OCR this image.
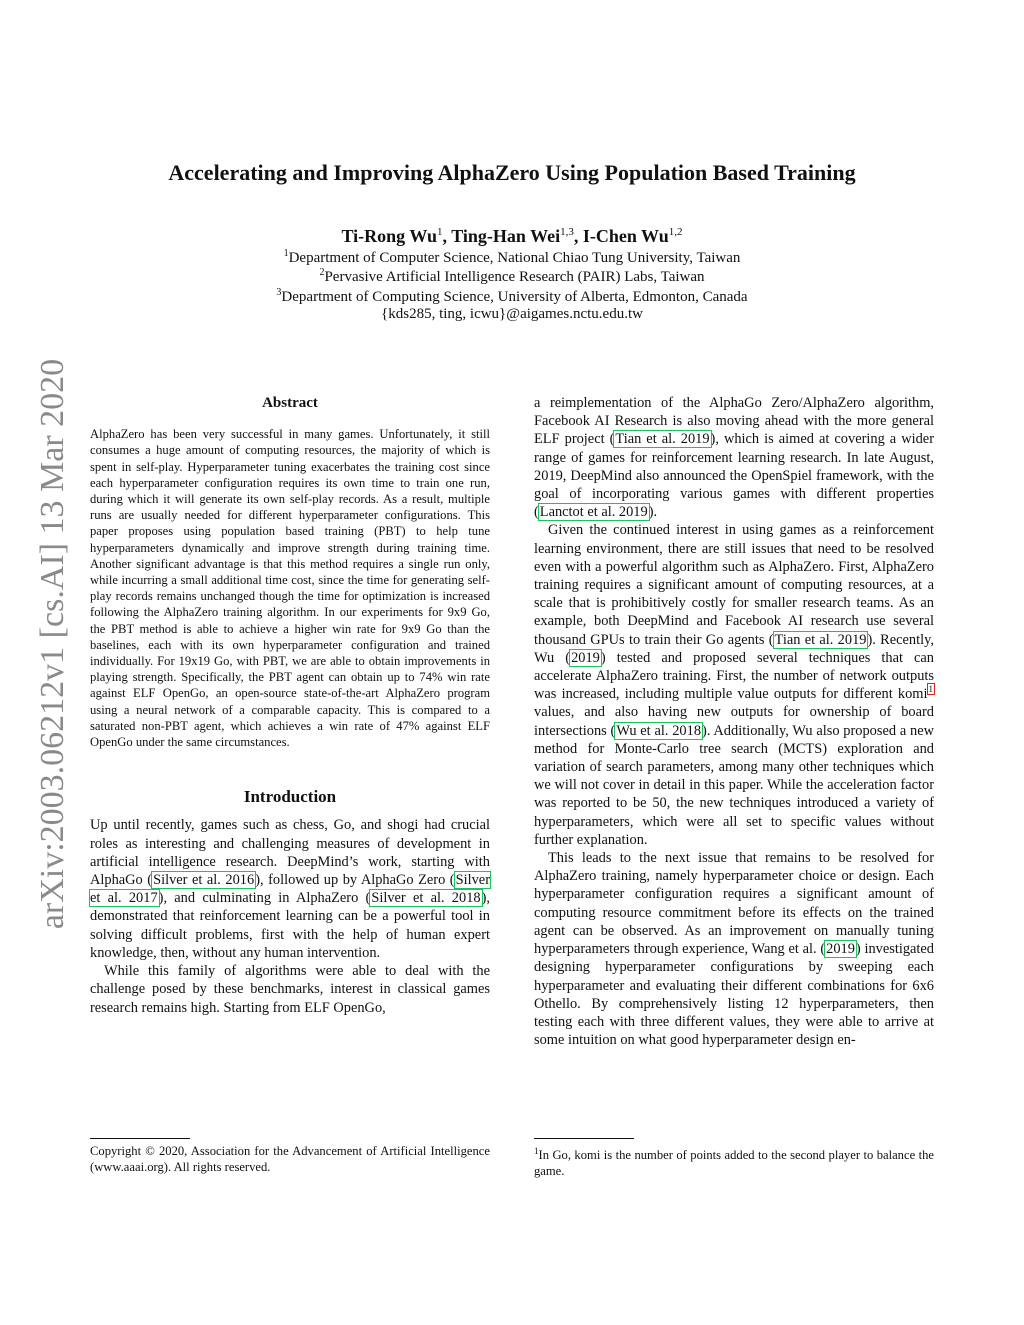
arXiv:2003.06212v1 [cs.AI] 13 Mar 2020
Accelerating and Improving AlphaZero Using Population Based Training
Ti-Rong Wu$^1$, Ting-Han Wei$^{1,3}$, I-Chen Wu$^{1,2}$
$^1$Department of Computer Science, National Chiao Tung University, Taiwan
$^2$Pervasive Artificial Intelligence Research (PAIR) Labs, Taiwan
$^3$Department of Computing Science, University of Alberta, Edmonton, Canada
{kds285, ting, icwu}@aigames.nctu.edu.tw
Abstract

AlphaZero has been very successful in many games. Unfortunately, it still consumes a huge amount of computing resources, the majority of which is spent in self-play. Hyperparameter tuning exacerbates the training cost since each hyperparameter configuration requires its own time to train one run, during which it will generate its own self-play records. As a result, multiple runs are usually needed for different hyperparameter configurations. This paper proposes using population based training (PBT) to help tune hyperparameters dynamically and improve strength during training time. Another significant advantage is that this method requires a single run only, while incurring a small additional time cost, since the time for generating self-play records remains unchanged though the time for optimization is increased following the AlphaZero training algorithm. In our experiments for 9x9 Go, the PBT method is able to achieve a higher win rate for 9x9 Go than the baselines, each with its own hyperparameter configuration and trained individually. For 19x19 Go, with PBT, we are able to obtain improvements in playing strength. Specifically, the PBT agent can obtain up to 74% win rate against ELF OpenGo, an open-source state-of-the-art AlphaZero program using a neural network of a comparable capacity. This is compared to a saturated non-PBT agent, which achieves a win rate of 47% against ELF OpenGo under the same circumstances.

Introduction

Up until recently, games such as chess, Go, and shogi had crucial roles as interesting and challenging measures of development in artificial intelligence research. DeepMind’s work, starting with AlphaGo (Silver et al. 2016), followed up by AlphaGo Zero (Silver et al. 2017), and culminating in AlphaZero (Silver et al. 2018), demonstrated that reinforcement learning can be a powerful tool in solving difficult problems, first with the help of human expert knowledge, then, without any human intervention.

While this family of algorithms were able to deal with the challenge posed by these benchmarks, interest in classical games research remains high. Starting from ELF OpenGo,

Copyright © 2020, Association for the Advancement of Artificial Intelligence (www.aaai.org). All rights reserved.

a reimplementation of the AlphaGo Zero/AlphaZero algorithm, Facebook AI Research is also moving ahead with the more general ELF project (Tian et al. 2019), which is aimed at covering a wider range of games for reinforcement learning research. In late August, 2019, DeepMind also announced the OpenSpiel framework, with the goal of incorporating various games with different properties (Lanctot et al. 2019).

Given the continued interest in using games as a reinforcement learning environment, there are still issues that need to be resolved even with a powerful algorithm such as AlphaZero. First, AlphaZero training requires a significant amount of computing resources, at a scale that is prohibitively costly for smaller research teams. As an example, both DeepMind and Facebook AI research use several thousand GPUs to train their Go agents (Tian et al. 2019). Recently, Wu (2019) tested and proposed several techniques that can accelerate AlphaZero training. First, the number of network outputs was increased, including multiple value outputs for different komi$^1$ values, and also having new outputs for ownership of board intersections (Wu et al. 2018). Additionally, Wu also proposed a new method for Monte-Carlo tree search (MCTS) exploration and variation of search parameters, among many other techniques which we will not cover in detail in this paper. While the acceleration factor was reported to be 50, the new techniques introduced a variety of hyperparameters, which were all set to specific values without further explanation.

This leads to the next issue that remains to be resolved for AlphaZero training, namely hyperparameter choice or design. Each hyperparameter configuration requires a significant amount of computing resource commitment before its effects on the trained agent can be observed. As an improvement on manually tuning hyperparameters through experience, Wang et al. (2019) investigated designing hyperparameter configurations by sweeping each hyperparameter and evaluating their different combinations for 6x6 Othello. By comprehensively listing 12 hyperparameters, then testing each with three different values, they were able to arrive at some intuition on what good hyperparameter design en-

$^1$In Go, komi is the number of points added to the second player to balance the game.
